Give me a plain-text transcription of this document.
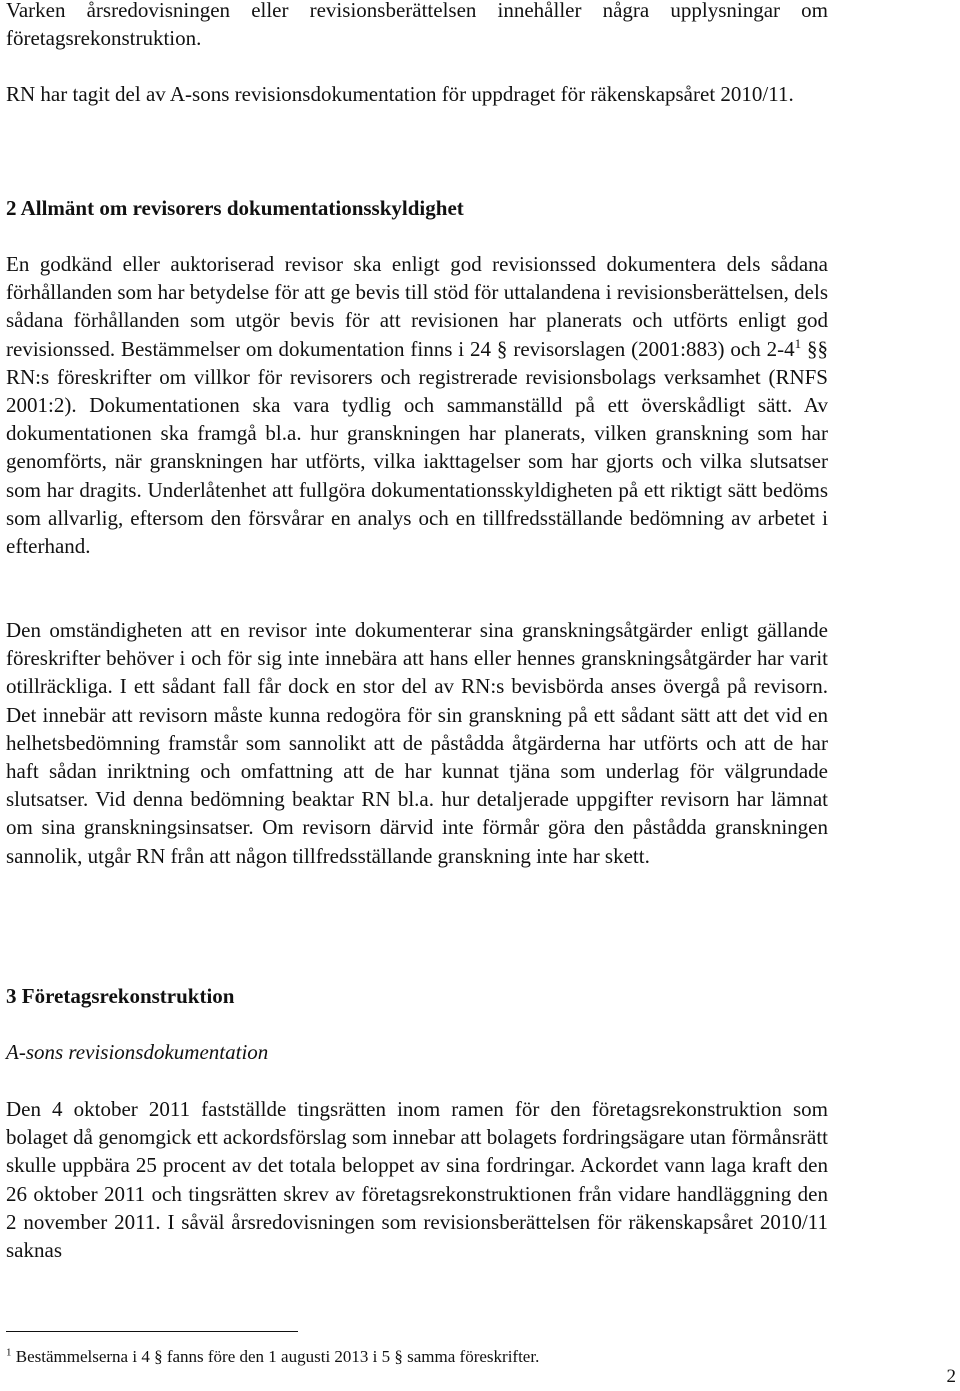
Varken årsredovisningen eller revisionsberättelsen innehåller några upplysningar om företagsrekonstruktion.

RN har tagit del av A-sons revisionsdokumentation för uppdraget för räkenskapsåret 2010/11.

2 Allmänt om revisorers dokumentationsskyldighet

En godkänd eller auktoriserad revisor ska enligt god revisionssed dokumentera dels sådana förhållanden som har betydelse för att ge bevis till stöd för uttalandena i revisionsberättelsen, dels sådana förhållanden som utgör bevis för att revisionen har planerats och utförts enligt god revisionssed. Bestämmelser om dokumentation finns i 24 § revisorslagen (2001:883) och $2-4^1$ §§ RN:s föreskrifter om villkor för revisorers och registrerade revisionsbolags verksamhet (RNFS 2001:2). Dokumentationen ska vara tydlig och sammanställd på ett överskådligt sätt. Av dokumentationen ska framgå bl.a. hur granskningen har planerats, vilken granskning som har genomförts, när granskningen har utförts, vilka iakttagelser som har gjorts och vilka slutsatser som har dragits. Underlåtenhet att fullgöra dokumentationsskyldigheten på ett riktigt sätt bedöms som allvarlig, eftersom den försvårar en analys och en tillfredsställande bedömning av arbetet i efterhand.

Den omständigheten att en revisor inte dokumenterar sina granskningsåtgärder enligt gällande föreskrifter behöver i och för sig inte innebära att hans eller hennes granskningsåtgärder har varit otillräckliga. I ett sådant fall får dock en stor del av RN:s bevisbörda anses övergå på revisorn. Det innebär att revisorn måste kunna redogöra för sin granskning på ett sådant sätt att det vid en helhetsbedömning framstår som sannolikt att de påstådda åtgärderna har utförts och att de har haft sådan inriktning och omfattning att de har kunnat tjäna som underlag för välgrundade slutsatser. Vid denna bedömning beaktar RN bl.a. hur detaljerade uppgifter revisorn har lämnat om sina granskningsinsatser. Om revisorn därvid inte förmår göra den påstådda granskningen sannolik, utgår RN från att någon tillfredsställande granskning inte har skett.

3 Företagsrekonstruktion

A-sons revisionsdokumentation

Den 4 oktober 2011 fastställde tingsrätten inom ramen för den företagsrekonstruktion som bolaget då genomgick ett ackordsförslag som innebar att bolagets fordringsägare utan förmånsrätt skulle uppbära 25 procent av det totala beloppet av sina fordringar. Ackordet vann laga kraft den 26 oktober 2011 och tingsrätten skrev av företagsrekonstruktionen från vidare handläggning den 2 november 2011. I såväl årsredovisningen som revisionsberättelsen för räkenskapsåret 2010/11 saknas

$^1$ Bestämmelserna i 4 § fanns före den 1 augusti 2013 i 5 § samma föreskrifter.
2
